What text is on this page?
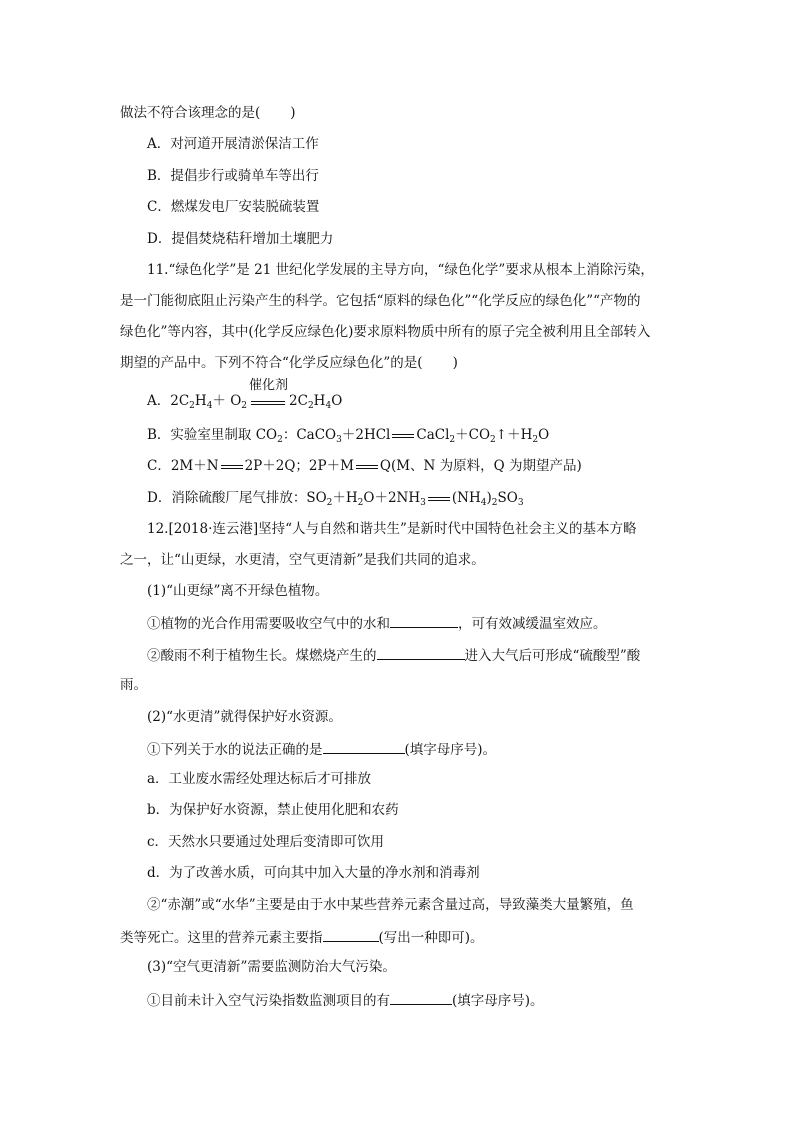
做法不符合该理念的是( )
A．对河道开展清淤保洁工作
B．提倡步行或骑单车等出行
C．燃煤发电厂安装脱硫装置
D．提倡焚烧秸秆增加土壤肥力
11.“绿色化学”是 21 世纪化学发展的主导方向，“绿色化学”要求从根本上消除污染，
是一门能彻底阻止污染产生的科学。它包括“原料的绿色化”“化学反应的绿色化”“产物的
绿色化”等内容，其中(化学反应绿色化)要求原料物质中所有的原子完全被利用且全部转入
期望的产品中。下列不符合“化学反应绿色化”的是( )
A．$2C_2H_4+ O_2$
催化剂
$2C_2H_4O$
B．实验室里制取 $CO_2$：CaCO$_3$＋2HCl $CaCl_2+CO_2↑+H_2O$
C．2M＋N 2P＋2Q；2P＋M Q(M、N 为原料，Q 为期望产品)
D．消除硫酸厂尾气排放：$SO_2+H_2O+2NH_3$ $(NH_4)_2SO_3$
12.[2018·连云港]坚持“人与自然和谐共生”是新时代中国特色社会主义的基本方略
之一，让“山更绿，水更清，空气更清新”是我们共同的追求。
(1)“山更绿”离不开绿色植物。
①植物的光合作用需要吸收空气中的水和	，可有效减缓温室效应。
②酸雨不利于植物生长。煤燃烧产生的	进入大气后可形成“硫酸型”酸
雨。
(2)“水更清”就得保护好水资源。
①下列关于水的说法正确的是	(填字母序号)。
a．工业废水需经处理达标后才可排放
b．为保护好水资源，禁止使用化肥和农药
c．天然水只要通过处理后变清即可饮用
d．为了改善水质，可向其中加入大量的净水剂和消毒剂
②“赤潮”或“水华”主要是由于水中某些营养元素含量过高，导致藻类大量繁殖，鱼
类等死亡。这里的营养元素主要指	(写出一种即可)。
(3)“空气更清新”需要监测防治大气污染。
①目前未计入空气污染指数监测项目的有	(填字母序号)。
